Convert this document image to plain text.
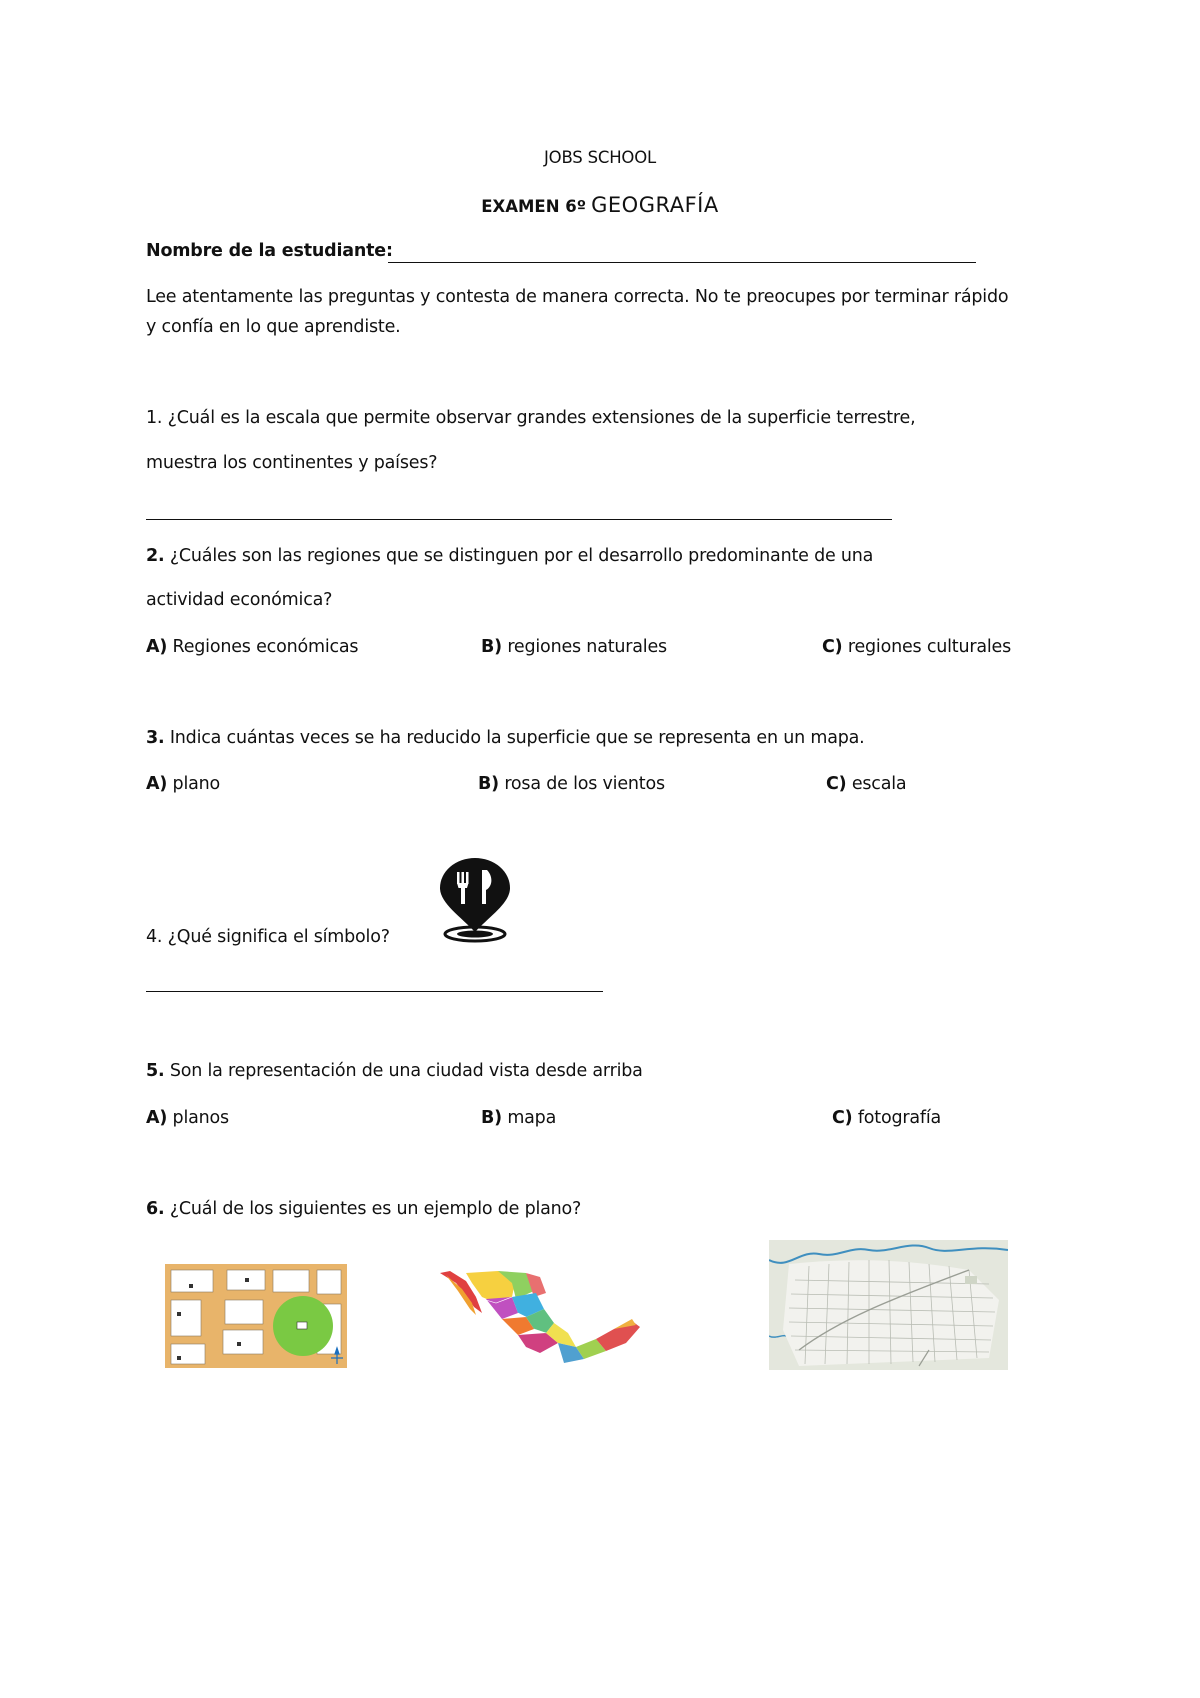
JOBS SCHOOL
EXAMEN 6º GEOGRAFÍA
Nombre de la estudiante:
Lee atentamente las preguntas y contesta de manera correcta. No te preocupes por terminar rápido
y confía en lo que aprendiste.
1. ¿Cuál es la escala que permite observar grandes extensiones de la superficie terrestre,
muestra los continentes y países?
2. ¿Cuáles son las regiones que se distinguen por el desarrollo predominante de una
actividad económica?
A) Regiones económicas	B) regiones naturales	C) regiones culturales
3. Indica cuántas veces se ha reducido la superficie que se representa en un mapa.
A) plano	B) rosa de los vientos	C) escala
4. ¿Qué significa el símbolo?
5. Son la representación de una ciudad vista desde arriba
A) planos	B) mapa	C) fotografía
6. ¿Cuál de los siguientes es un ejemplo de plano?
